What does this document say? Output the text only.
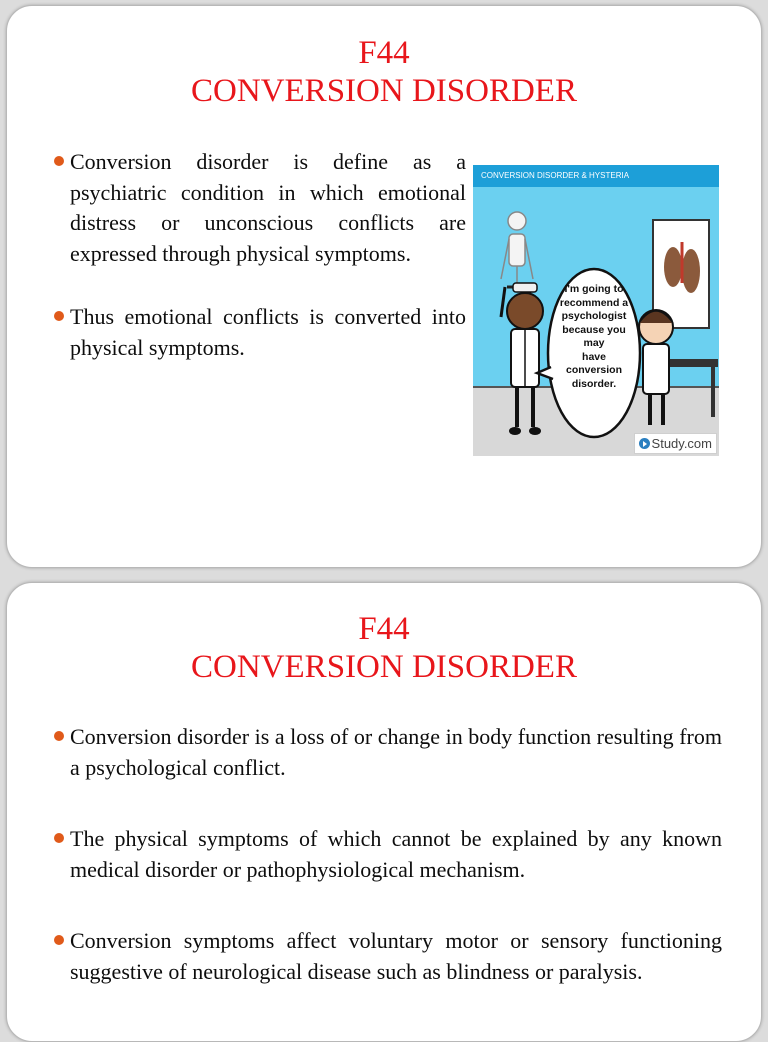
F44
CONVERSION DISORDER
Conversion disorder is define as a psychiatric condition in which emotional distress or unconscious conflicts are expressed through physical symptoms.
Thus emotional conflicts is converted into physical symptoms.
CONVERSION DISORDER & HYSTERIA
I'm going to
recommend a
psychologist
because you may
have conversion
disorder.
Study.com
F44
CONVERSION DISORDER
Conversion disorder is a loss of or change in body function resulting from a psychological conflict.
The physical symptoms of which cannot be explained by any known medical disorder or pathophysiological mechanism.
Conversion symptoms affect voluntary motor or sensory functioning suggestive of neurological disease such as blindness or paralysis.
